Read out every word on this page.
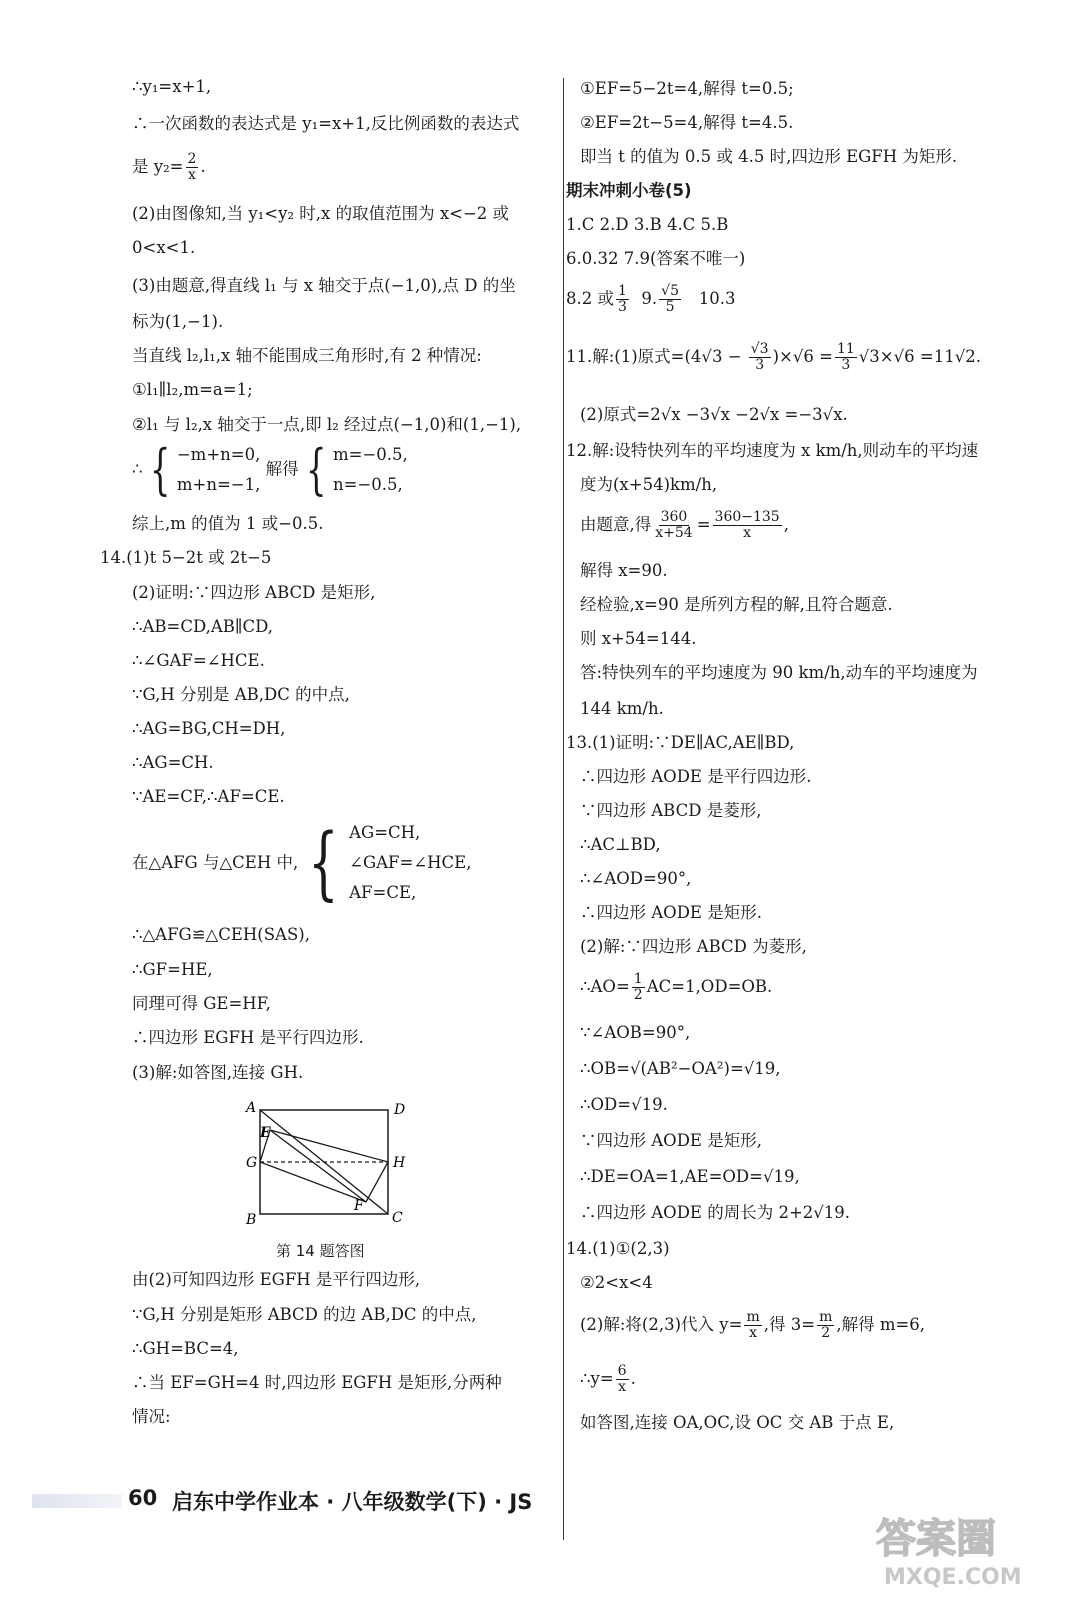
∴y₁=x+1,
∴一次函数的表达式是 y₁=x+1,反比例函数的表达式
是 $y_2= \frac{2}{x}$ .
(2)由图像知,当 y₁<y₂ 时,x 的取值范围为 x<−2 或
0<x<1.
(3)由题意,得直线 l₁ 与 x 轴交于点(−1,0),点 D 的坐
标为(1,−1).
当直线 l₂,l₁,x 轴不能围成三角形时,有 2 种情况:
①l₁∥l₂,m=a=1;
②l₁ 与 l₂,x 轴交于一点,即 l₂ 经过点(−1,0)和(1,−1),
∴ { −m+n=0,
m+n=−1,
解得 { m=−0.5,
n=−0.5,
综上,m 的值为 1 或−0.5.
14.(1)t 5−2t 或 2t−5
(2)证明:∵四边形 ABCD 是矩形,
∴AB=CD,AB∥CD,
∴∠GAF=∠HCE.
∵G,H 分别是 AB,DC 的中点,
∴AG=BG,CH=DH,
∴AG=CH.
∵AE=CF,∴AF=CE.
在△AFG 与△CEH 中, { AG=CH,
∠GAF=∠HCE,
AF=CE,
∴△AFG≌△CEH(SAS),
∴GF=HE,
同理可得 GE=HF,
∴四边形 EGFH 是平行四边形.
(3)解:如答图,连接 GH.
由(2)可知四边形 EGFH 是平行四边形,
∵G,H 分别是矩形 ABCD 的边 AB,DC 的中点,
∴GH=BC=4,
∴当 EF=GH=4 时,四边形 EGFH 是矩形,分两种
情况:
A	D
E
G	H
F
B	C
第 14 题答图
①EF=5−2t=4,解得 t=0.5;
②EF=2t−5=4,解得 t=4.5.
即当 t 的值为 0.5 或 4.5 时,四边形 EGFH 为矩形.
期末冲刺小卷(5)
1.C 2.D 3.B 4.C 5.B
6.0.32 7.9(答案不唯一)
8.2 或 $\frac{1}{3} 9$. $\frac{√5}{5} 10.3$
11.解:(1)原式$=(4√3 - \frac{√3}{3} )\times√6 = \frac{11}{3} √3\times√6 =11√2$.
(2)原式=2√x −3√x −2√x =−3√x.
12.解:设特快列车的平均速度为 x km/h,则动车的平均速
度为(x+54)km/h,
由题意,得 $\frac{360}{x+54} = \frac{360-135}{x}$ ,
解得 x=90.
经检验,x=90 是所列方程的解,且符合题意.
则 x+54=144.
答:特快列车的平均速度为 90 km/h,动车的平均速度为
144 km/h.
13.(1)证明:∵DE∥AC,AE∥BD,
∴四边形 AODE 是平行四边形.
∵四边形 ABCD 是菱形,
∴AC⊥BD,
∴∠AOD=90°,
∴四边形 AODE 是矩形.
(2)解:∵四边形 ABCD 为菱形,
∴AO= $\frac{1}{2} AC=1,OD=OB$.
∵∠AOB=90°,
∴OB=√(AB²−OA²)=√19,
∴OD=√19.
∵四边形 AODE 是矩形,
∴DE=OA=1,AE=OD=√19,
∴四边形 AODE 的周长为 2+2√19.
14.(1)①(2,3)
②2<x<4
(2)解:将(2,3)代入 $y= \frac{m}{x}$ ,得 $3= \frac{m}{2}$ ,解得 m=6,
∴y= $\frac{6}{x}$ .
如答图,连接 OA,OC,设 OC 交 AB 于点 E,
60 启东中学作业本 · 八年级数学(下) · JS
答案圈
MXQE.COM
